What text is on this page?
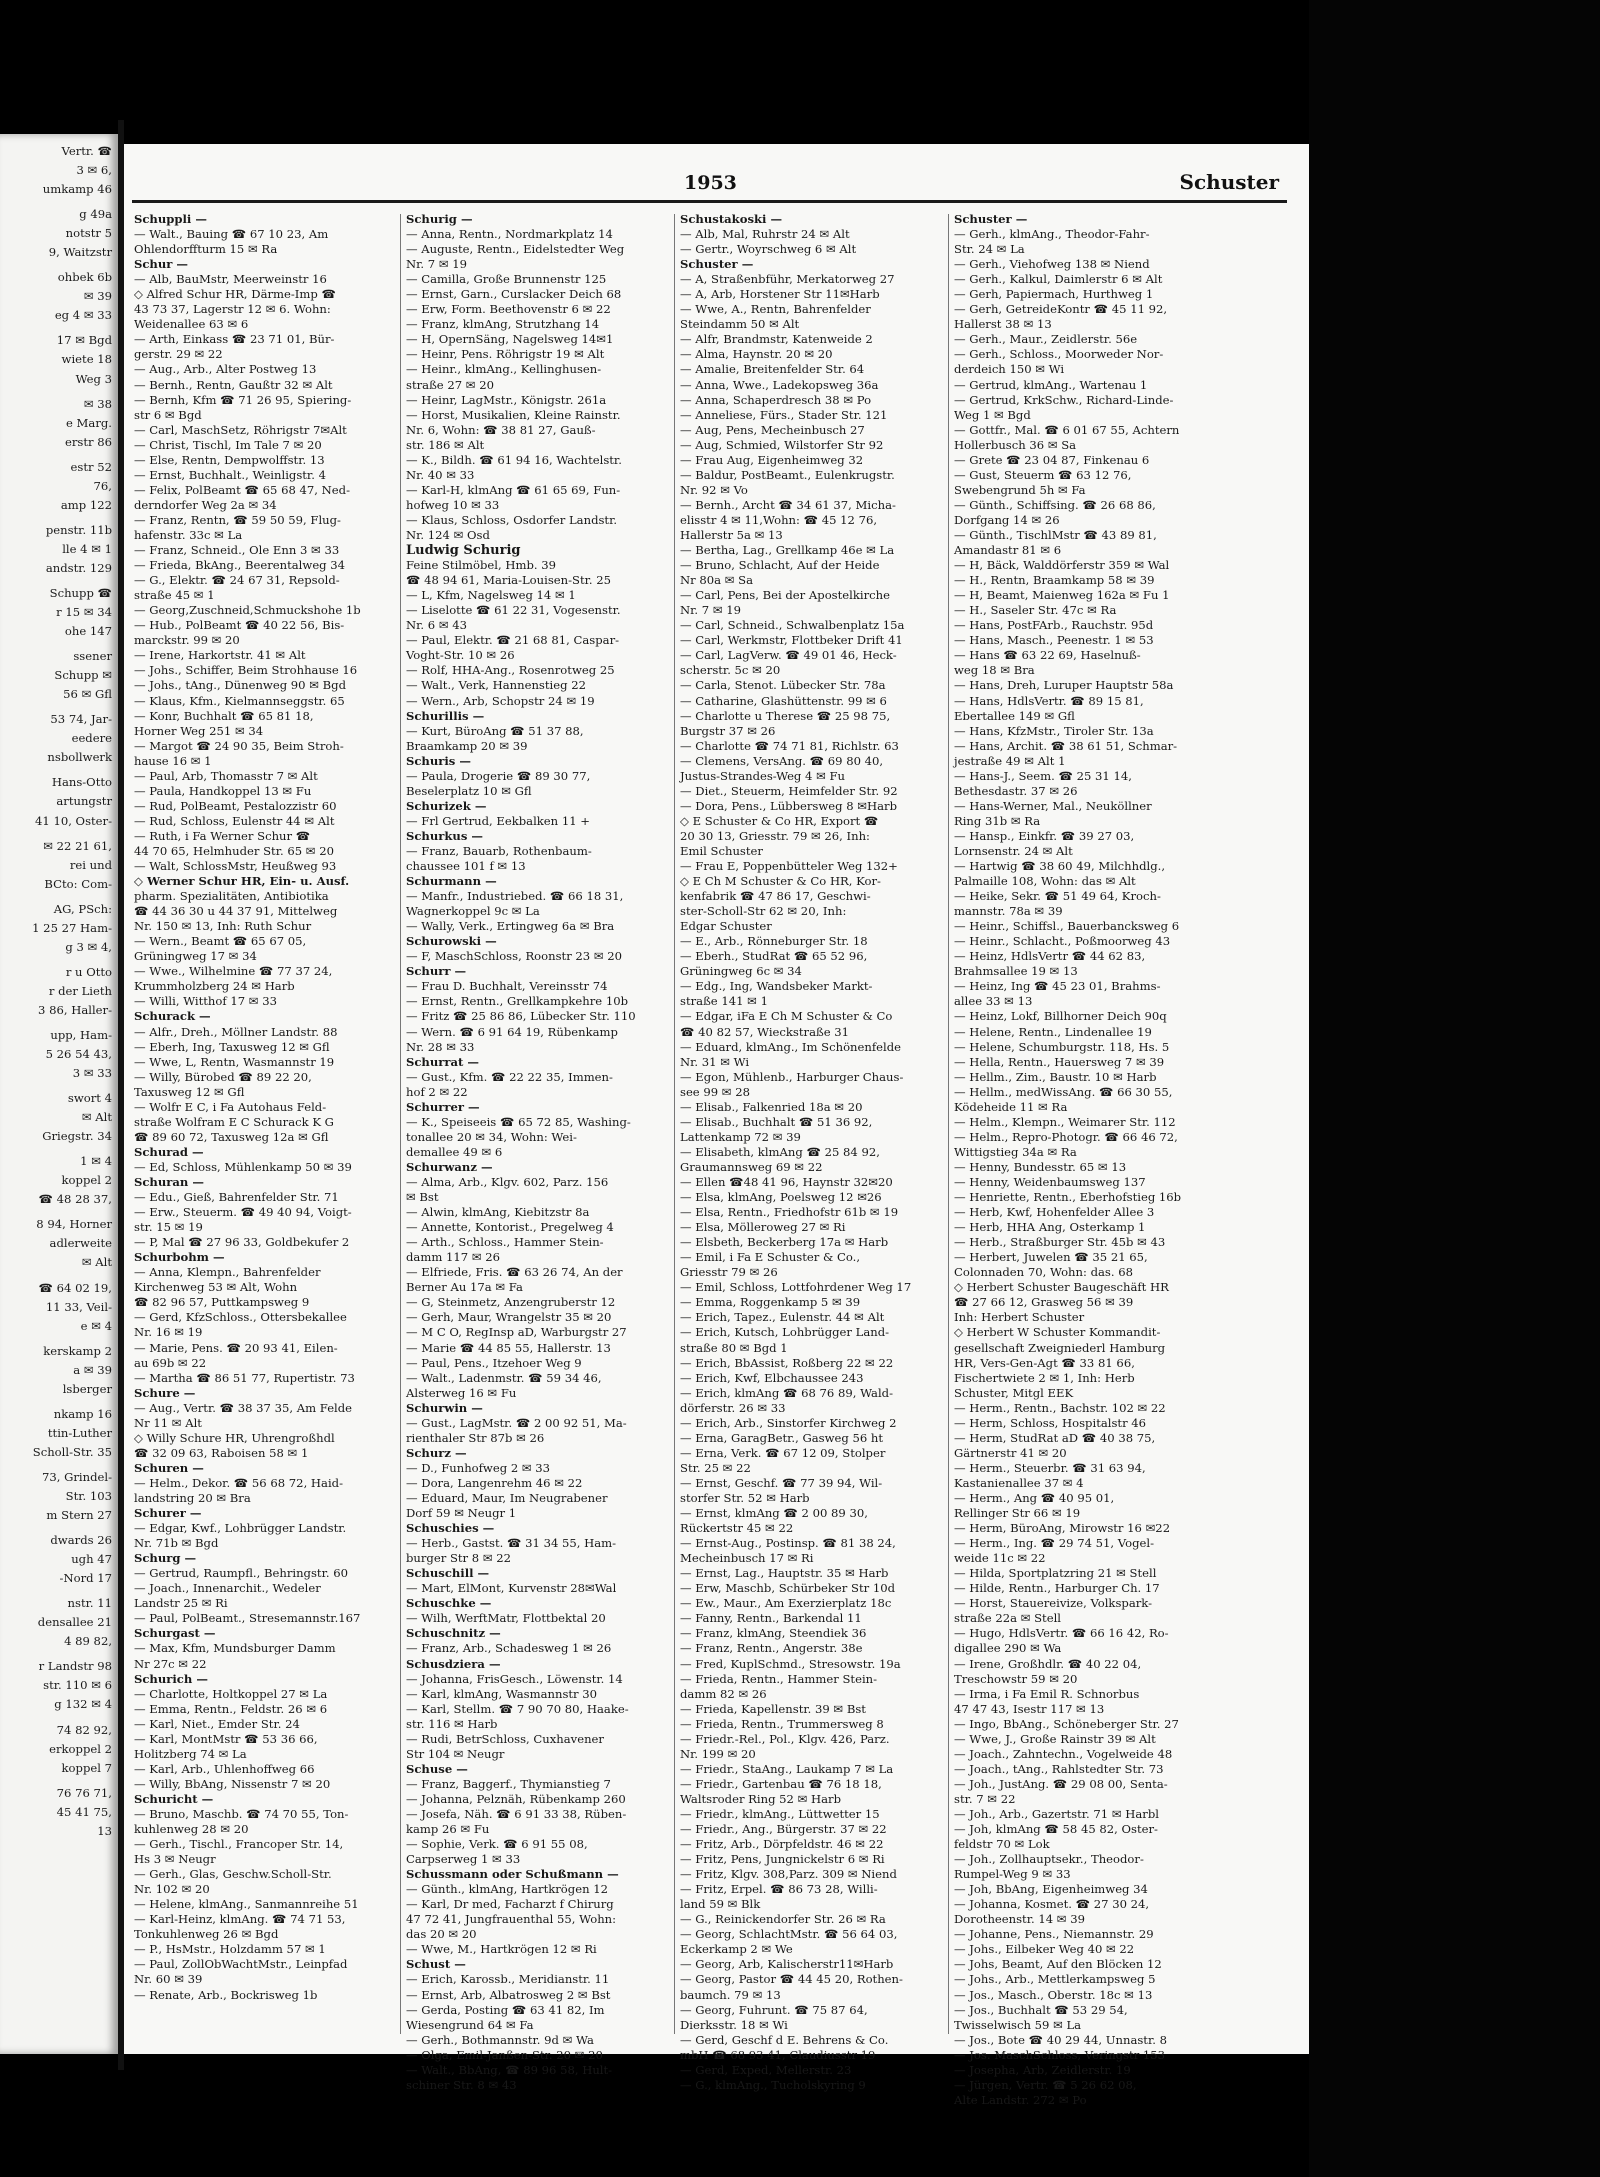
Vertr. ☎
3 ✉ 6,
umkamp 46
g 49a
notstr 5
9, Waitzstr
ohbek 6b
✉ 39
eg 4 ✉ 33
17 ✉ Bgd
wiete 18
Weg 3
✉ 38
e Marg.
erstr 86
estr 52
76,
amp 122
penstr. 11b
lle 4 ✉ 1
andstr. 129
Schupp ☎
r 15 ✉ 34
ohe 147
ssener
Schupp ✉
56 ✉ Gfl
53 74, Jar-
eedere
nsbollwerk
Hans-Otto
artungstr
41 10, Oster-
✉ 22 21 61,
rei und
BCto: Com-
AG, PSch:
1 25 27 Ham-
g 3 ✉ 4,
r u Otto
r der Lieth
3 86, Haller-
upp, Ham-
5 26 54 43,
3 ✉ 33
swort 4
✉ Alt
Griegstr. 34
1 ✉ 4
koppel 2
☎ 48 28 37,
8 94, Horner
adlerweite
✉ Alt
☎ 64 02 19,
11 33, Veil-
e ✉ 4
kerskamp 2
a ✉ 39
lsberger
nkamp 16
ttin-Luther
Scholl-Str. 35
73, Grindel-
Str. 103
m Stern 27
dwards 26
ugh 47
-Nord 17
nstr. 11
densallee 21
4 89 82,
r Landstr 98
str. 110 ✉ 6
g 132 ✉ 4
74 82 92,
erkoppel 2
koppel 7
76 76 71,
45 41 75,
13
1953	Schuster
Schuppli —
— Walt., Bauing ☎ 67 10 23, Am
Ohlendorffturm 15 ✉ Ra
Schur —
— Alb, BauMstr, Meerweinstr 16
◇ Alfred Schur HR, Därme-Imp ☎
43 73 37, Lagerstr 12 ✉ 6. Wohn:
Weidenallee 63 ✉ 6
— Arth, Einkass ☎ 23 71 01, Bür-
gerstr. 29 ✉ 22
— Aug., Arb., Alter Postweg 13
— Bernh., Rentn, Gaußtr 32 ✉ Alt
— Bernh, Kfm ☎ 71 26 95, Spiering-
str 6 ✉ Bgd
— Carl, MaschSetz, Röhrigstr 7✉Alt
— Christ, Tischl, Im Tale 7 ✉ 20
— Else, Rentn, Dempwolffstr. 13
— Ernst, Buchhalt., Weinligstr. 4
— Felix, PolBeamt ☎ 65 68 47, Ned-
derndorfer Weg 2a ✉ 34
— Franz, Rentn, ☎ 59 50 59, Flug-
hafenstr. 33c ✉ La
— Franz, Schneid., Ole Enn 3 ✉ 33
— Frieda, BkAng., Beerentalweg 34
— G., Elektr. ☎ 24 67 31, Repsold-
straße 45 ✉ 1
— Georg,Zuschneid,Schmuckshohe 1b
— Hub., PolBeamt ☎ 40 22 56, Bis-
marckstr. 99 ✉ 20
— Irene, Harkortstr. 41 ✉ Alt
— Johs., Schiffer, Beim Strohhause 16
— Johs., tAng., Dünenweg 90 ✉ Bgd
— Klaus, Kfm., Kielmannseggstr. 65
— Konr, Buchhalt ☎ 65 81 18,
Horner Weg 251 ✉ 34
— Margot ☎ 24 90 35, Beim Stroh-
hause 16 ✉ 1
— Paul, Arb, Thomasstr 7 ✉ Alt
— Paula, Handkoppel 13 ✉ Fu
— Rud, PolBeamt, Pestalozzistr 60
— Rud, Schloss, Eulenstr 44 ✉ Alt
— Ruth, i Fa Werner Schur ☎
44 70 65, Helmhuder Str. 65 ✉ 20
— Walt, SchlossMstr, Heußweg 93
◇ Werner Schur HR, Ein- u. Ausf.
pharm. Spezialitäten, Antibiotika
☎ 44 36 30 u 44 37 91, Mittelweg
Nr. 150 ✉ 13, Inh: Ruth Schur
— Wern., Beamt ☎ 65 67 05,
Grüningweg 17 ✉ 34
— Wwe., Wilhelmine ☎ 77 37 24,
Krummholzberg 24 ✉ Harb
— Willi, Witthof 17 ✉ 33
Schurack —
— Alfr., Dreh., Möllner Landstr. 88
— Eberh, Ing, Taxusweg 12 ✉ Gfl
— Wwe, L, Rentn, Wasmannstr 19
— Willy, Bürobed ☎ 89 22 20,
Taxusweg 12 ✉ Gfl
— Wolfr E C, i Fa Autohaus Feld-
straße Wolfram E C Schurack K G
☎ 89 60 72, Taxusweg 12a ✉ Gfl
Schurad —
— Ed, Schloss, Mühlenkamp 50 ✉ 39
Schuran —
— Edu., Gieß, Bahrenfelder Str. 71
— Erw., Steuerm. ☎ 49 40 94, Voigt-
str. 15 ✉ 19
— P, Mal ☎ 27 96 33, Goldbekufer 2
Schurbohm —
— Anna, Klempn., Bahrenfelder
Kirchenweg 53 ✉ Alt, Wohn
☎ 82 96 57, Puttkampsweg 9
— Gerd, KfzSchloss., Ottersbekallee
Nr. 16 ✉ 19
— Marie, Pens. ☎ 20 93 41, Eilen-
au 69b ✉ 22
— Martha ☎ 86 51 77, Rupertistr. 73
Schure —
— Aug., Vertr. ☎ 38 37 35, Am Felde
Nr 11 ✉ Alt
◇ Willy Schure HR, Uhrengroßhdl
☎ 32 09 63, Raboisen 58 ✉ 1
Schuren —
— Helm., Dekor. ☎ 56 68 72, Haid-
landstring 20 ✉ Bra
Schurer —
— Edgar, Kwf., Lohbrügger Landstr.
Nr. 71b ✉ Bgd
Schurg —
— Gertrud, Raumpfl., Behringstr. 60
— Joach., Innenarchit., Wedeler
Landstr 25 ✉ Ri
— Paul, PolBeamt., Stresemannstr.167
Schurgast —
— Max, Kfm, Mundsburger Damm
Nr 27c ✉ 22
Schurich —
— Charlotte, Holtkoppel 27 ✉ La
— Emma, Rentn., Feldstr. 26 ✉ 6
— Karl, Niet., Emder Str. 24
— Karl, MontMstr ☎ 53 36 66,
Holitzberg 74 ✉ La
— Karl, Arb., Uhlenhoffweg 66
— Willy, BbAng, Nissenstr 7 ✉ 20
Schuricht —
— Bruno, Maschb. ☎ 74 70 55, Ton-
kuhlenweg 28 ✉ 20
— Gerh., Tischl., Francoper Str. 14,
Hs 3 ✉ Neugr
— Gerh., Glas, Geschw.Scholl-Str.
Nr. 102 ✉ 20
— Helene, klmAng., Sanmannreihe 51
— Karl-Heinz, klmAng. ☎ 74 71 53,
Tonkuhlenweg 26 ✉ Bgd
— P., HsMstr., Holzdamm 57 ✉ 1
— Paul, ZollObWachtMstr., Leinpfad
Nr. 60 ✉ 39
— Renate, Arb., Bockrisweg 1b
Schurig —
— Anna, Rentn., Nordmarkplatz 14
— Auguste, Rentn., Eidelstedter Weg
Nr. 7 ✉ 19
— Camilla, Große Brunnenstr 125
— Ernst, Garn., Curslacker Deich 68
— Erw, Form. Beethovenstr 6 ✉ 22
— Franz, klmAng, Strutzhang 14
— H, OpernSäng, Nagelsweg 14✉1
— Heinr, Pens. Röhrigstr 19 ✉ Alt
— Heinr., klmAng., Kellinghusen-
straße 27 ✉ 20
— Heinr, LagMstr., Königstr. 261a
— Horst, Musikalien, Kleine Rainstr.
Nr. 6, Wohn: ☎ 38 81 27, Gauß-
str. 186 ✉ Alt
— K., Bildh. ☎ 61 94 16, Wachtelstr.
Nr. 40 ✉ 33
— Karl-H, klmAng ☎ 61 65 69, Fun-
hofweg 10 ✉ 33
— Klaus, Schloss, Osdorfer Landstr.
Nr. 124 ✉ Osd
Ludwig Schurig
Feine Stilmöbel, Hmb. 39
☎ 48 94 61, Maria-Louisen-Str. 25
— L, Kfm, Nagelsweg 14 ✉ 1
— Liselotte ☎ 61 22 31, Vogesenstr.
Nr. 6 ✉ 43
— Paul, Elektr. ☎ 21 68 81, Caspar-
Voght-Str. 10 ✉ 26
— Rolf, HHA-Ang., Rosenrotweg 25
— Walt., Verk, Hannenstieg 22
— Wern., Arb, Schopstr 24 ✉ 19
Schurillis —
— Kurt, BüroAng ☎ 51 37 88,
Braamkamp 20 ✉ 39
Schuris —
— Paula, Drogerie ☎ 89 30 77,
Beselerplatz 10 ✉ Gfl
Schurizek —
— Frl Gertrud, Eekbalken 11 +
Schurkus —
— Franz, Bauarb, Rothenbaum-
chaussee 101 f ✉ 13
Schurmann —
— Manfr., Industriebed. ☎ 66 18 31,
Wagnerkoppel 9c ✉ La
— Wally, Verk., Ertingweg 6a ✉ Bra
Schurowski —
— F, MaschSchloss, Roonstr 23 ✉ 20
Schurr —
— Frau D. Buchhalt, Vereinsstr 74
— Ernst, Rentn., Grellkampkehre 10b
— Fritz ☎ 25 86 86, Lübecker Str. 110
— Wern. ☎ 6 91 64 19, Rübenkamp
Nr. 28 ✉ 33
Schurrat —
— Gust., Kfm. ☎ 22 22 35, Immen-
hof 2 ✉ 22
Schurrer —
— K., Speiseeis ☎ 65 72 85, Washing-
tonallee 20 ✉ 34, Wohn: Wei-
demallee 49 ✉ 6
Schurwanz —
— Alma, Arb., Klgv. 602, Parz. 156
✉ Bst
— Alwin, klmAng, Kiebitzstr 8a
— Annette, Kontorist., Pregelweg 4
— Arth., Schloss., Hammer Stein-
damm 117 ✉ 26
— Elfriede, Fris. ☎ 63 26 74, An der
Berner Au 17a ✉ Fa
— G, Steinmetz, Anzengruberstr 12
— Gerh, Maur, Wrangelstr 35 ✉ 20
— M C O, RegInsp aD, Warburgstr 27
— Marie ☎ 44 85 55, Hallerstr. 13
— Paul, Pens., Itzehoer Weg 9
— Walt., Ladenmstr. ☎ 59 34 46,
Alsterweg 16 ✉ Fu
Schurwin —
— Gust., LagMstr. ☎ 2 00 92 51, Ma-
rienthaler Str 87b ✉ 26
Schurz —
— D., Funhofweg 2 ✉ 33
— Dora, Langenrehm 46 ✉ 22
— Eduard, Maur, Im Neugrabener
Dorf 59 ✉ Neugr 1
Schuschies —
— Herb., Gastst. ☎ 31 34 55, Ham-
burger Str 8 ✉ 22
Schuschill —
— Mart, ElMont, Kurvenstr 28✉Wal
Schuschke —
— Wilh, WerftMatr, Flottbektal 20
Schuschnitz —
— Franz, Arb., Schadesweg 1 ✉ 26
Schusdziera —
— Johanna, FrisGesch., Löwenstr. 14
— Karl, klmAng, Wasmannstr 30
— Karl, Stellm. ☎ 7 90 70 80, Haake-
str. 116 ✉ Harb
— Rudi, BetrSchloss, Cuxhavener
Str 104 ✉ Neugr
Schuse —
— Franz, Baggerf., Thymianstieg 7
— Johanna, Pelznäh, Rübenkamp 260
— Josefa, Näh. ☎ 6 91 33 38, Rüben-
kamp 26 ✉ Fu
— Sophie, Verk. ☎ 6 91 55 08,
Carpserweg 1 ✉ 33
Schussmann oder Schußmann —
— Günth., klmAng, Hartkrögen 12
— Karl, Dr med, Facharzt f Chirurg
47 72 41, Jungfrauenthal 55, Wohn:
das 20 ✉ 20
— Wwe, M., Hartkrögen 12 ✉ Ri
Schust —
— Erich, Karossb., Meridianstr. 11
— Ernst, Arb, Albatrosweg 2 ✉ Bst
— Gerda, Posting ☎ 63 41 82, Im
Wiesengrund 64 ✉ Fa
— Gerh., Bothmannstr. 9d ✉ Wa
— Olga, Emil-Janßen-Str. 20 ✉ 20
— Walt., BbAng, ☎ 89 96 58, Hult-
schiner Str. 8 ✉ 43
Schustakoski —
— Alb, Mal, Ruhrstr 24 ✉ Alt
— Gertr., Woyrschweg 6 ✉ Alt
Schuster —
— A, Straßenbführ, Merkatorweg 27
— A, Arb, Horstener Str 11✉Harb
— Wwe, A., Rentn, Bahrenfelder
Steindamm 50 ✉ Alt
— Alfr, Brandmstr, Katenweide 2
— Alma, Haynstr. 20 ✉ 20
— Amalie, Breitenfelder Str. 64
— Anna, Wwe., Ladekopsweg 36a
— Anna, Schaperdresch 38 ✉ Po
— Anneliese, Fürs., Stader Str. 121
— Aug, Pens, Mecheinbusch 27
— Aug, Schmied, Wilstorfer Str 92
— Frau Aug, Eigenheimweg 32
— Baldur, PostBeamt., Eulenkrugstr.
Nr. 92 ✉ Vo
— Bernh., Archt ☎ 34 61 37, Micha-
elisstr 4 ✉ 11,Wohn: ☎ 45 12 76,
Hallerstr 5a ✉ 13
— Bertha, Lag., Grellkamp 46e ✉ La
— Bruno, Schlacht, Auf der Heide
Nr 80a ✉ Sa
— Carl, Pens, Bei der Apostelkirche
Nr. 7 ✉ 19
— Carl, Schneid., Schwalbenplatz 15a
— Carl, Werkmstr, Flottbeker Drift 41
— Carl, LagVerw. ☎ 49 01 46, Heck-
scherstr. 5c ✉ 20
— Carla, Stenot. Lübecker Str. 78a
— Catharine, Glashüttenstr. 99 ✉ 6
— Charlotte u Therese ☎ 25 98 75,
Burgstr 37 ✉ 26
— Charlotte ☎ 74 71 81, Richlstr. 63
— Clemens, VersAng. ☎ 69 80 40,
Justus-Strandes-Weg 4 ✉ Fu
— Diet., Steuerm, Heimfelder Str. 92
— Dora, Pens., Lübbersweg 8 ✉Harb
◇ E Schuster & Co HR, Export ☎
20 30 13, Griesstr. 79 ✉ 26, Inh:
Emil Schuster
— Frau E, Poppenbütteler Weg 132+
◇ E Ch M Schuster & Co HR, Kor-
kenfabrik ☎ 47 86 17, Geschwi-
ster-Scholl-Str 62 ✉ 20, Inh:
Edgar Schuster
— E., Arb., Rönneburger Str. 18
— Eberh., StudRat ☎ 65 52 96,
Grüningweg 6c ✉ 34
— Edg., Ing, Wandsbeker Markt-
straße 141 ✉ 1
— Edgar, iFa E Ch M Schuster & Co
☎ 40 82 57, Wieckstraße 31
— Eduard, klmAng., Im Schönenfelde
Nr. 31 ✉ Wi
— Egon, Mühlenb., Harburger Chaus-
see 99 ✉ 28
— Elisab., Falkenried 18a ✉ 20
— Elisab., Buchhalt ☎ 51 36 92,
Lattenkamp 72 ✉ 39
— Elisabeth, klmAng ☎ 25 84 92,
Graumannsweg 69 ✉ 22
— Ellen ☎48 41 96, Haynstr 32✉20
— Elsa, klmAng, Poelsweg 12 ✉26
— Elsa, Rentn., Friedhofstr 61b ✉ 19
— Elsa, Mölleroweg 27 ✉ Ri
— Elsbeth, Beckerberg 17a ✉ Harb
— Emil, i Fa E Schuster & Co.,
Griesstr 79 ✉ 26
— Emil, Schloss, Lottfohrdener Weg 17
— Emma, Roggenkamp 5 ✉ 39
— Erich, Tapez., Eulenstr. 44 ✉ Alt
— Erich, Kutsch, Lohbrügger Land-
straße 80 ✉ Bgd 1
— Erich, BbAssist, Roßberg 22 ✉ 22
— Erich, Kwf, Elbchaussee 243
— Erich, klmAng ☎ 68 76 89, Wald-
dörferstr. 26 ✉ 33
— Erich, Arb., Sinstorfer Kirchweg 2
— Erna, GaragBetr., Gasweg 56 ht
— Erna, Verk. ☎ 67 12 09, Stolper
Str. 25 ✉ 22
— Ernst, Geschf. ☎ 77 39 94, Wil-
storfer Str. 52 ✉ Harb
— Ernst, klmAng ☎ 2 00 89 30,
Rückertstr 45 ✉ 22
— Ernst-Aug., Postinsp. ☎ 81 38 24,
Mecheinbusch 17 ✉ Ri
— Ernst, Lag., Hauptstr. 35 ✉ Harb
— Erw, Maschb, Schürbeker Str 10d
— Ew., Maur., Am Exerzierplatz 18c
— Fanny, Rentn., Barkendal 11
— Franz, klmAng, Steendiek 36
— Franz, Rentn., Angerstr. 38e
— Fred, KuplSchmd., Stresowstr. 19a
— Frieda, Rentn., Hammer Stein-
damm 82 ✉ 26
— Frieda, Kapellenstr. 39 ✉ Bst
— Frieda, Rentn., Trummersweg 8
— Friedr.-Rel., Pol., Klgv. 426, Parz.
Nr. 199 ✉ 20
— Friedr., StaAng., Laukamp 7 ✉ La
— Friedr., Gartenbau ☎ 76 18 18,
Waltsroder Ring 52 ✉ Harb
— Friedr., klmAng., Lüttwetter 15
— Friedr., Ang., Bürgerstr. 37 ✉ 22
— Fritz, Arb., Dörpfeldstr. 46 ✉ 22
— Fritz, Pens, Jungnickelstr 6 ✉ Ri
— Fritz, Klgv. 308,Parz. 309 ✉ Niend
— Fritz, Erpel. ☎ 86 73 28, Willi-
land 59 ✉ Blk
— G., Reinickendorfer Str. 26 ✉ Ra
— Georg, SchlachtMstr. ☎ 56 64 03,
Eckerkamp 2 ✉ We
— Georg, Arb, Kalischerstr11✉Harb
— Georg, Pastor ☎ 44 45 20, Rothen-
baumch. 79 ✉ 13
— Georg, Fuhrunt. ☎ 75 87 64,
Dierksstr. 18 ✉ Wi
— Gerd, Geschf d E. Behrens & Co.
mbH ☎ 68 93 41, Claudiusstr 19
— Gerd, Exped, Mellerstr. 23
— G., klmAng., Tucholskyring 9
Schuster —
— Gerh., klmAng., Theodor-Fahr-
Str. 24 ✉ La
— Gerh., Viehofweg 138 ✉ Niend
— Gerh., Kalkul, Daimlerstr 6 ✉ Alt
— Gerh, Papiermach, Hurthweg 1
— Gerh, GetreideKontr ☎ 45 11 92,
Hallerst 38 ✉ 13
— Gerh., Maur., Zeidlerstr. 56e
— Gerh., Schloss., Moorweder Nor-
derdeich 150 ✉ Wi
— Gertrud, klmAng., Wartenau 1
— Gertrud, KrkSchw., Richard-Linde-
Weg 1 ✉ Bgd
— Gottfr., Mal. ☎ 6 01 67 55, Achtern
Hollerbusch 36 ✉ Sa
— Grete ☎ 23 04 87, Finkenau 6
— Gust, Steuerm ☎ 63 12 76,
Swebengrund 5h ✉ Fa
— Günth., Schiffsing. ☎ 26 68 86,
Dorfgang 14 ✉ 26
— Günth., TischlMstr ☎ 43 89 81,
Amandastr 81 ✉ 6
— H, Bäck, Walddörferstr 359 ✉ Wal
— H., Rentn, Braamkamp 58 ✉ 39
— H, Beamt, Maienweg 162a ✉ Fu 1
— H., Saseler Str. 47c ✉ Ra
— Hans, PostFArb., Rauchstr. 95d
— Hans, Masch., Peenestr. 1 ✉ 53
— Hans ☎ 63 22 69, Haselnuß-
weg 18 ✉ Bra
— Hans, Dreh, Luruper Hauptstr 58a
— Hans, HdlsVertr. ☎ 89 15 81,
Ebertallee 149 ✉ Gfl
— Hans, KfzMstr., Tiroler Str. 13a
— Hans, Archit. ☎ 38 61 51, Schmar-
jestraße 49 ✉ Alt 1
— Hans-J., Seem. ☎ 25 31 14,
Bethesdastr. 37 ✉ 26
— Hans-Werner, Mal., Neuköllner
Ring 31b ✉ Ra
— Hansp., Einkfr. ☎ 39 27 03,
Lornsenstr. 24 ✉ Alt
— Hartwig ☎ 38 60 49, Milchhdlg.,
Palmaille 108, Wohn: das ✉ Alt
— Heike, Sekr. ☎ 51 49 64, Kroch-
mannstr. 78a ✉ 39
— Heinr., Schiffsl., Bauerbancksweg 6
— Heinr., Schlacht., Poßmoorweg 43
— Heinz, HdlsVertr ☎ 44 62 83,
Brahmsallee 19 ✉ 13
— Heinz, Ing ☎ 45 23 01, Brahms-
allee 33 ✉ 13
— Heinz, Lokf, Billhorner Deich 90q
— Helene, Rentn., Lindenallee 19
— Helene, Schumburgstr. 118, Hs. 5
— Hella, Rentn., Hauersweg 7 ✉ 39
— Hellm., Zim., Baustr. 10 ✉ Harb
— Hellm., medWissAng. ☎ 66 30 55,
Ködeheide 11 ✉ Ra
— Helm., Klempn., Weimarer Str. 112
— Helm., Repro-Photogr. ☎ 66 46 72,
Wittigstieg 34a ✉ Ra
— Henny, Bundesstr. 65 ✉ 13
— Henny, Weidenbaumsweg 137
— Henriette, Rentn., Eberhofstieg 16b
— Herb, Kwf, Hohenfelder Allee 3
— Herb, HHA Ang, Osterkamp 1
— Herb., Straßburger Str. 45b ✉ 43
— Herbert, Juwelen ☎ 35 21 65,
Colonnaden 70, Wohn: das. 68
◇ Herbert Schuster Baugeschäft HR
☎ 27 66 12, Grasweg 56 ✉ 39
Inh: Herbert Schuster
◇ Herbert W Schuster Kommandit-
gesellschaft Zweigniederl Hamburg
HR, Vers-Gen-Agt ☎ 33 81 66,
Fischertwiete 2 ✉ 1, Inh: Herb
Schuster, Mitgl EEK
— Herm., Rentn., Bachstr. 102 ✉ 22
— Herm, Schloss, Hospitalstr 46
— Herm, StudRat aD ☎ 40 38 75,
Gärtnerstr 41 ✉ 20
— Herm., Steuerbr. ☎ 31 63 94,
Kastanienallee 37 ✉ 4
— Herm., Ang ☎ 40 95 01,
Rellinger Str 66 ✉ 19
— Herm, BüroAng, Mirowstr 16 ✉22
— Herm., Ing. ☎ 29 74 51, Vogel-
weide 11c ✉ 22
— Hilda, Sportplatzring 21 ✉ Stell
— Hilde, Rentn., Harburger Ch. 17
— Horst, Stauereivize, Volkspark-
straße 22a ✉ Stell
— Hugo, HdlsVertr. ☎ 66 16 42, Ro-
digallee 290 ✉ Wa
— Irene, Großhdlr. ☎ 40 22 04,
Treschowstr 59 ✉ 20
— Irma, i Fa Emil R. Schnorbus
47 47 43, Isestr 117 ✉ 13
— Ingo, BbAng., Schöneberger Str. 27
— Wwe, J., Große Rainstr 39 ✉ Alt
— Joach., Zahntechn., Vogelweide 48
— Joach., tAng., Rahlstedter Str. 73
— Joh., JustAng. ☎ 29 08 00, Senta-
str. 7 ✉ 22
— Joh., Arb., Gazertstr. 71 ✉ Harbl
— Joh, klmAng ☎ 58 45 82, Oster-
feldstr 70 ✉ Lok
— Joh., Zollhauptsekr., Theodor-
Rumpel-Weg 9 ✉ 33
— Joh, BbAng, Eigenheimweg 34
— Johanna, Kosmet. ☎ 27 30 24,
Dorotheenstr. 14 ✉ 39
— Johanne, Pens., Niemannstr. 29
— Johs., Eilbeker Weg 40 ✉ 22
— Johs, Beamt, Auf den Blöcken 12
— Johs., Arb., Mettlerkampsweg 5
— Jos., Masch., Oberstr. 18c ✉ 13
— Jos., Buchhalt ☎ 53 29 54,
Twisselwisch 59 ✉ La
— Jos., Bote ☎ 40 29 44, Unnastr. 8
— Jos. MaschSchloss, Veringstr 153
— Josepha, Arb, Zeidlerstr. 19
— Jürgen, Vertr. ☎ 5 26 62 08,
Alte Landstr. 272 ✉ Po
